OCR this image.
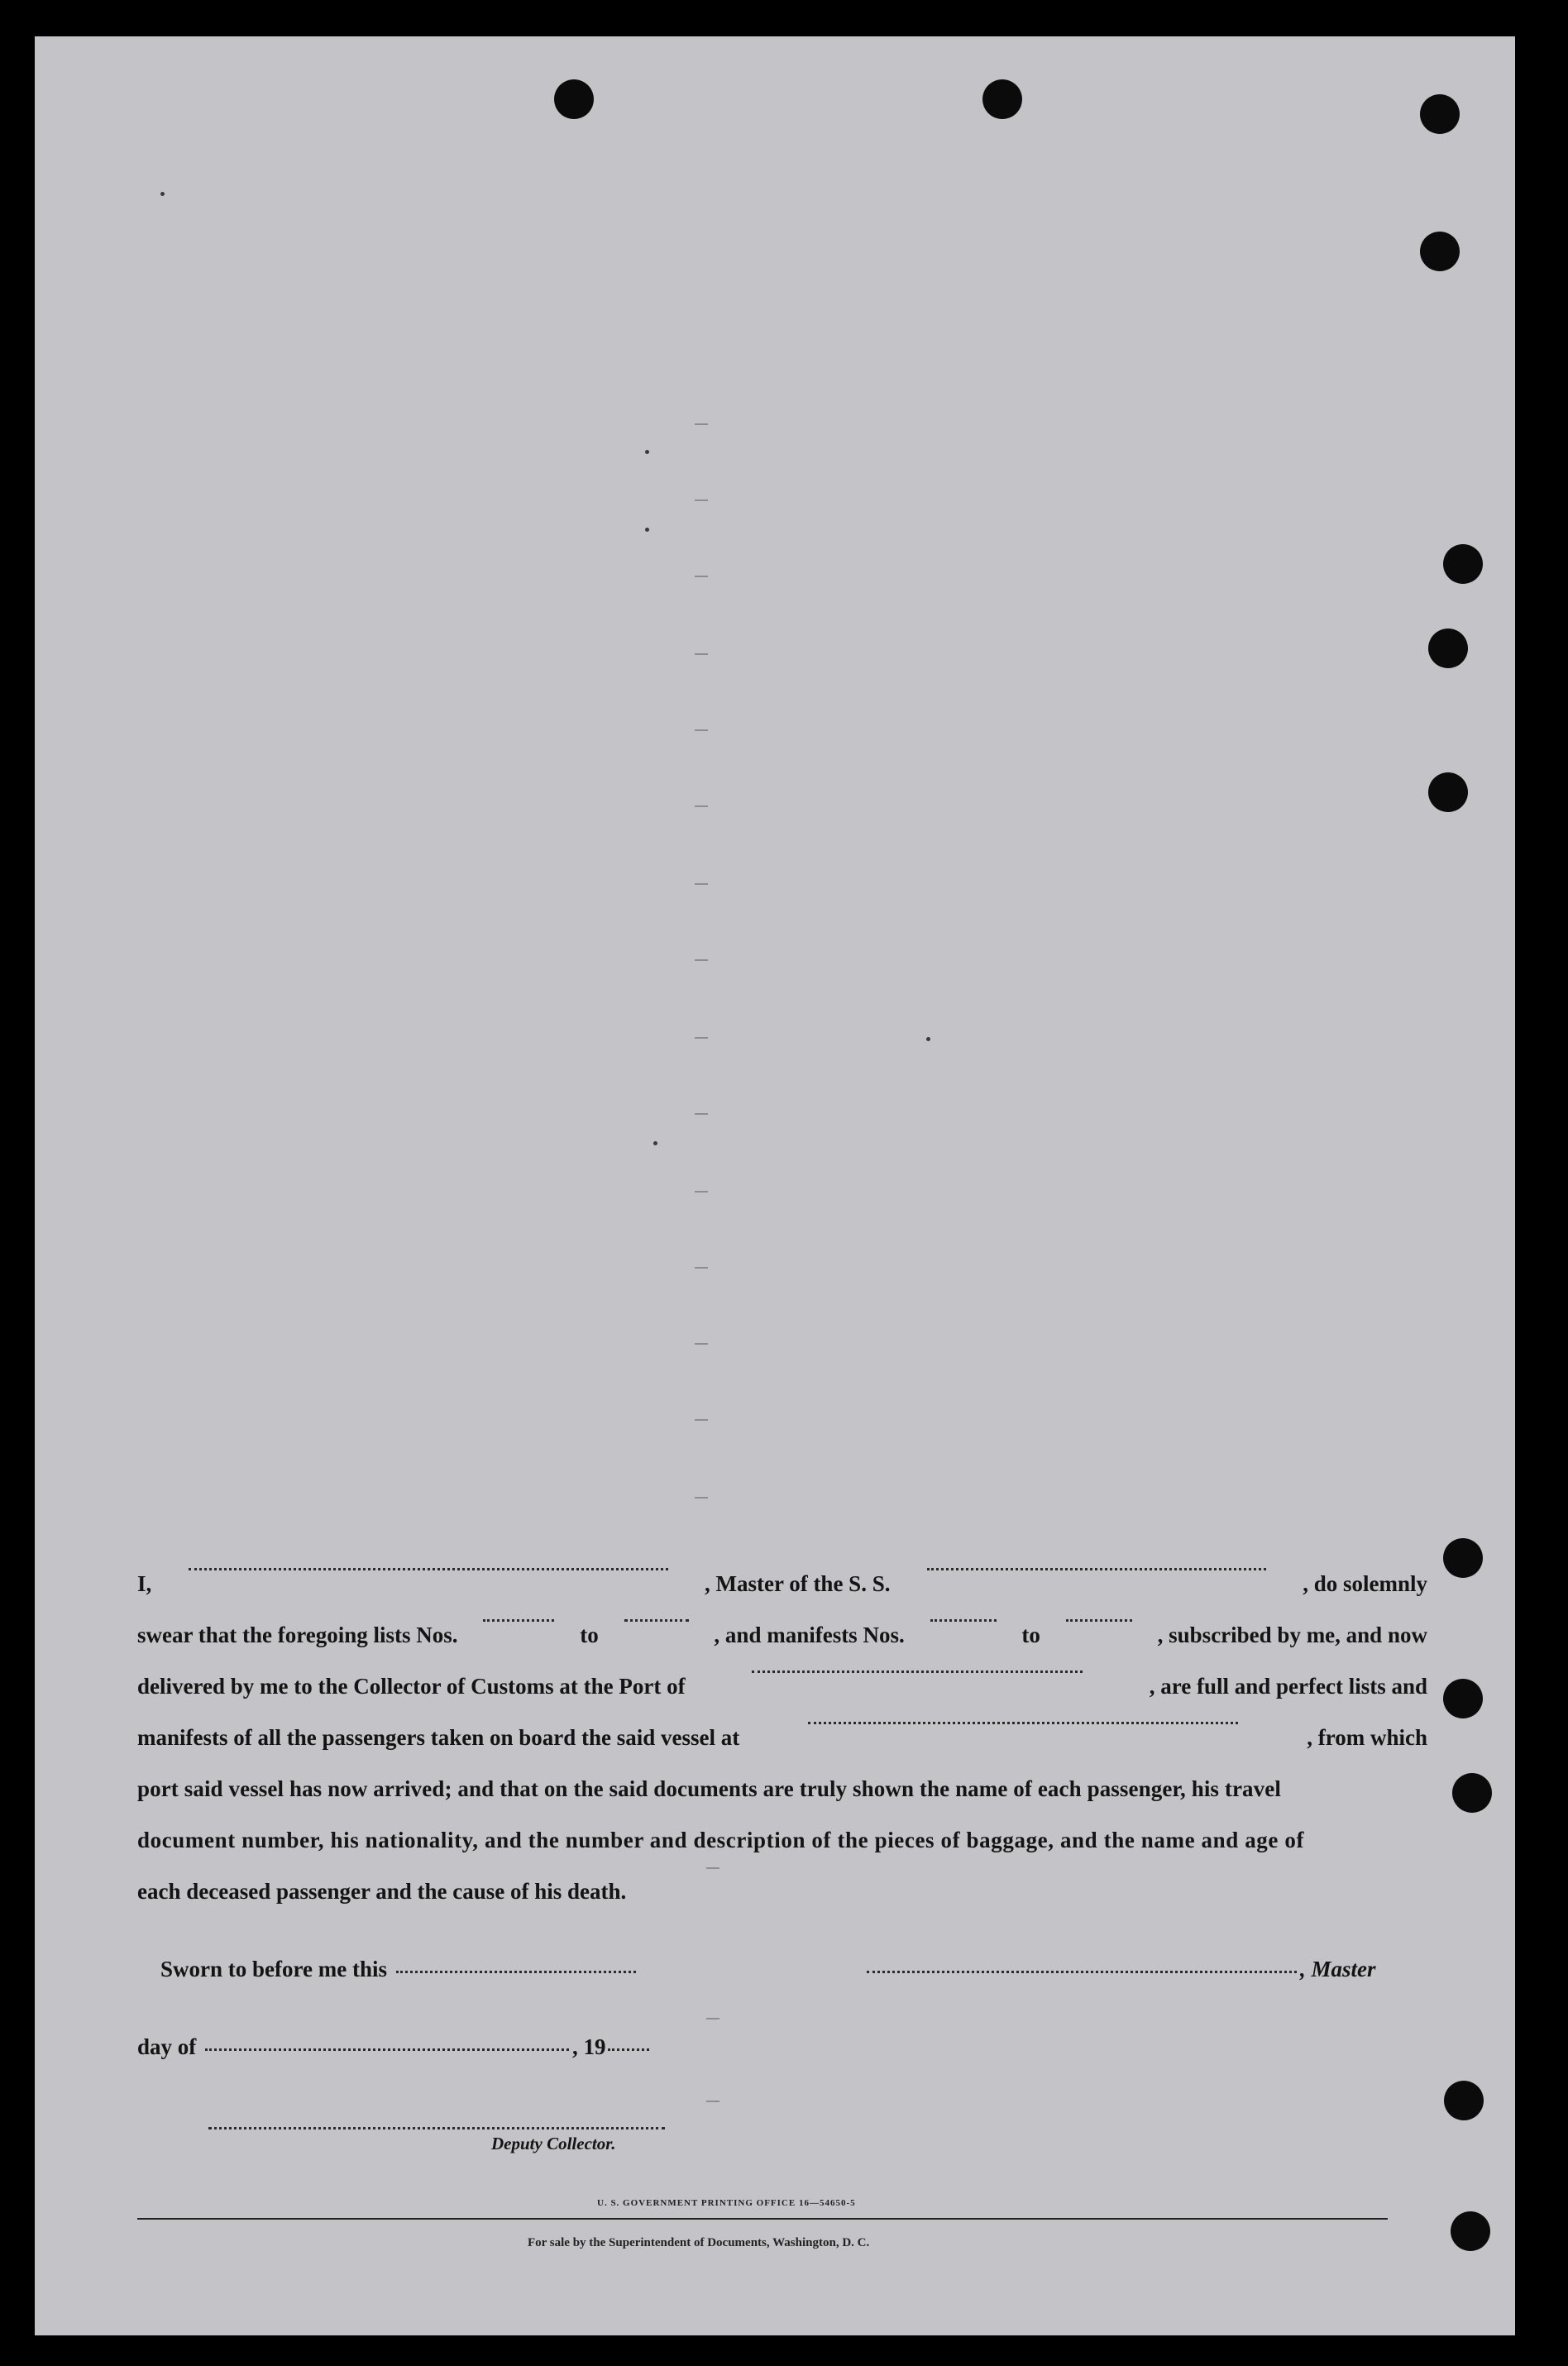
I,	, Master of the S. S.	, do solemnly
swear that the foregoing lists Nos.	to	, and manifests Nos.	to	, subscribed by me, and now
delivered by me to the Collector of Customs at the Port of	, are full and perfect lists and
manifests of all the passengers taken on board the said vessel at	, from which
port said vessel has now arrived; and that on the said documents are truly shown the name of each passenger, his travel
document number, his nationality, and the number and description of the pieces of baggage, and the name and age of
each deceased passenger and the cause of his death.
Sworn to before me this	, Master
day of	, 19
Deputy Collector.
U. S. GOVERNMENT PRINTING OFFICE 16—54650-5
For sale by the Superintendent of Documents, Washington, D. C.
